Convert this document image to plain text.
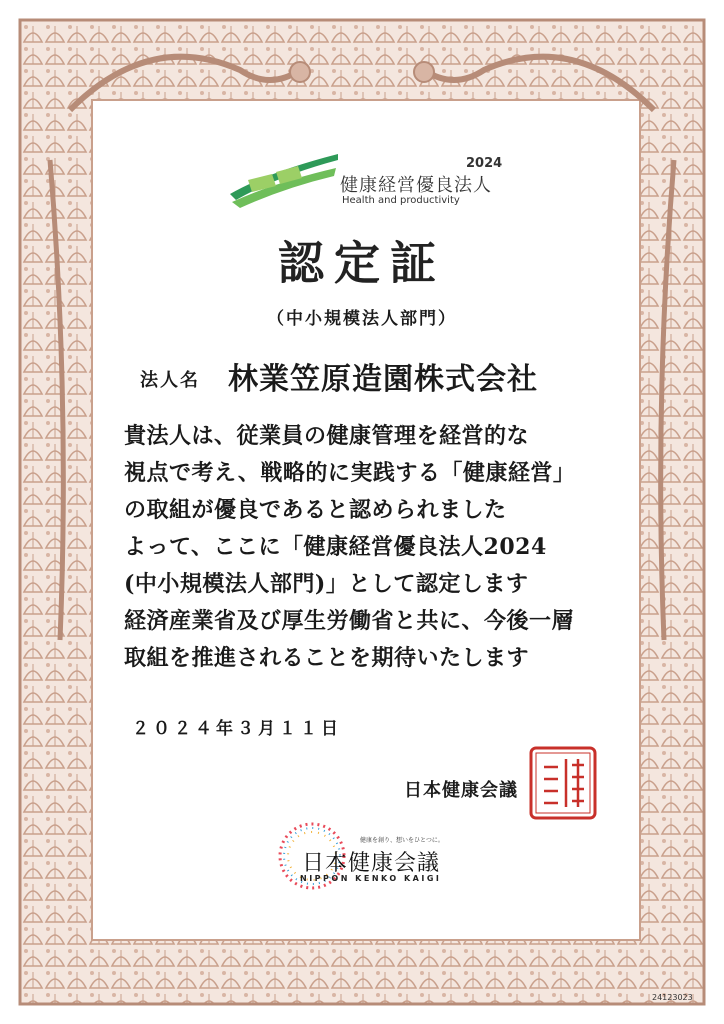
2024
健康経営優良法人
Health and productivity
認定証
（中小規模法人部門）
法人名 林業笠原造園株式会社
貴法人は、従業員の健康管理を経営的な
視点で考え、戦略的に実践する「健康経営」
の取組が優良であると認められました
よって、ここに「健康経営優良法人2024
(中小規模法人部門)」として認定します
経済産業省及び厚生労働省と共に、今後一層
取組を推進されることを期待いたします
２０２４年３月１１日
日本健康会議
健康を創り、想いをひとつに。
日本健康会議
NIPPON KENKO KAIGI
24123023
